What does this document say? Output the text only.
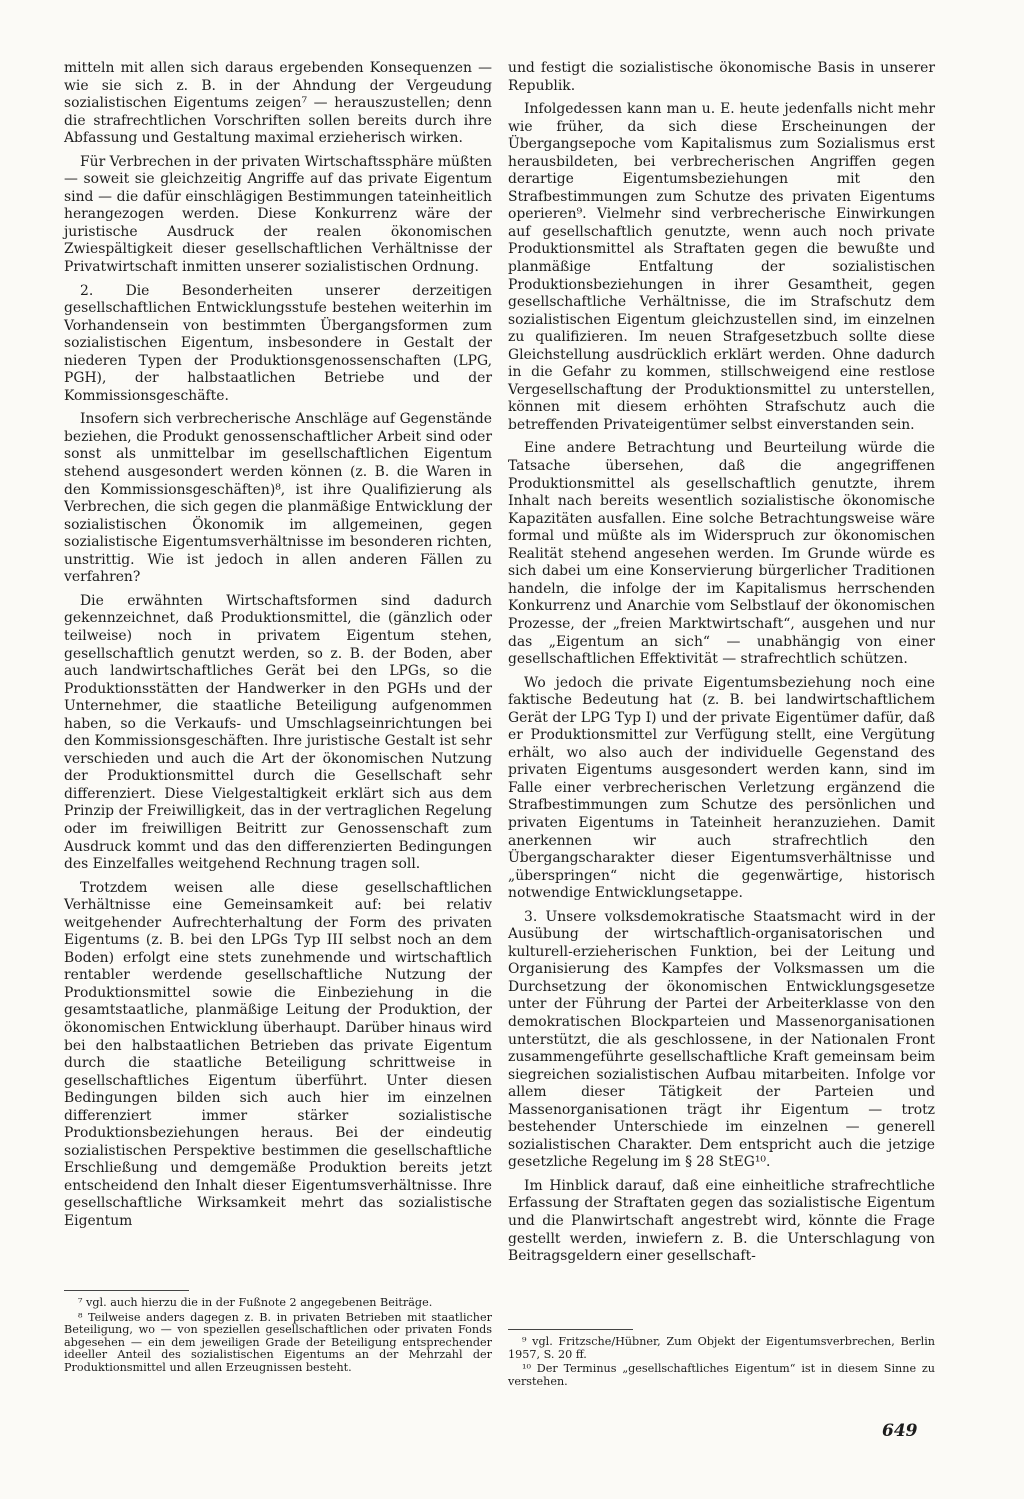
mitteln mit allen sich daraus ergebenden Konsequenzen — wie sie sich z. B. in der Ahndung der Vergeudung sozialistischen Eigentums zeigen⁷ — herauszustellen; denn die strafrechtlichen Vorschriften sollen bereits durch ihre Abfassung und Gestaltung maximal erzieherisch wirken.

Für Verbrechen in der privaten Wirtschaftssphäre müßten — soweit sie gleichzeitig Angriffe auf das private Eigentum sind — die dafür einschlägigen Bestimmungen tateinheitlich herangezogen werden. Diese Konkurrenz wäre der juristische Ausdruck der realen ökonomischen Zwiespältigkeit dieser gesellschaftlichen Verhältnisse der Privatwirtschaft inmitten unserer sozialistischen Ordnung.

2. Die Besonderheiten unserer derzeitigen gesellschaftlichen Entwicklungsstufe bestehen weiterhin im Vorhandensein von bestimmten Übergangsformen zum sozialistischen Eigentum, insbesondere in Gestalt der niederen Typen der Produktionsgenossenschaften (LPG, PGH), der halbstaatlichen Betriebe und der Kommissionsgeschäfte.

Insofern sich verbrecherische Anschläge auf Gegenstände beziehen, die Produkt genossenschaftlicher Arbeit sind oder sonst als unmittelbar im gesellschaftlichen Eigentum stehend ausgesondert werden können (z. B. die Waren in den Kommissionsgeschäften)⁸, ist ihre Qualifizierung als Verbrechen, die sich gegen die planmäßige Entwicklung der sozialistischen Ökonomik im allgemeinen, gegen sozialistische Eigentumsverhältnisse im besonderen richten, unstrittig. Wie ist jedoch in allen anderen Fällen zu verfahren?

Die erwähnten Wirtschaftsformen sind dadurch gekennzeichnet, daß Produktionsmittel, die (gänzlich oder teilweise) noch in privatem Eigentum stehen, gesellschaftlich genutzt werden, so z. B. der Boden, aber auch landwirtschaftliches Gerät bei den LPGs, so die Produktionsstätten der Handwerker in den PGHs und der Unternehmer, die staatliche Beteiligung aufgenommen haben, so die Verkaufs- und Umschlagseinrichtungen bei den Kommissionsgeschäften. Ihre juristische Gestalt ist sehr verschieden und auch die Art der ökonomischen Nutzung der Produktionsmittel durch die Gesellschaft sehr differenziert. Diese Vielgestaltigkeit erklärt sich aus dem Prinzip der Freiwilligkeit, das in der vertraglichen Regelung oder im freiwilligen Beitritt zur Genossenschaft zum Ausdruck kommt und das den differenzierten Bedingungen des Einzelfalles weitgehend Rechnung tragen soll.

Trotzdem weisen alle diese gesellschaftlichen Verhältnisse eine Gemeinsamkeit auf: bei relativ weitgehender Aufrechterhaltung der Form des privaten Eigentums (z. B. bei den LPGs Typ III selbst noch an dem Boden) erfolgt eine stets zunehmende und wirtschaftlich rentabler werdende gesellschaftliche Nutzung der Produktionsmittel sowie die Einbeziehung in die gesamtstaatliche, planmäßige Leitung der Produktion, der ökonomischen Entwicklung überhaupt. Darüber hinaus wird bei den halbstaatlichen Betrieben das private Eigentum durch die staatliche Beteiligung schrittweise in gesellschaftliches Eigentum überführt. Unter diesen Bedingungen bilden sich auch hier im einzelnen differenziert immer stärker sozialistische Produktionsbeziehungen heraus. Bei der eindeutig sozialistischen Perspektive bestimmen die gesellschaftliche Erschließung und demgemäße Produktion bereits jetzt entscheidend den Inhalt dieser Eigentumsverhältnisse. Ihre gesellschaftliche Wirksamkeit mehrt das sozialistische Eigentum

und festigt die sozialistische ökonomische Basis in unserer Republik.

Infolgedessen kann man u. E. heute jedenfalls nicht mehr wie früher, da sich diese Erscheinungen der Übergangsepoche vom Kapitalismus zum Sozialismus erst herausbildeten, bei verbrecherischen Angriffen gegen derartige Eigentumsbeziehungen mit den Strafbestimmungen zum Schutze des privaten Eigentums operieren⁹. Vielmehr sind verbrecherische Einwirkungen auf gesellschaftlich genutzte, wenn auch noch private Produktionsmittel als Straftaten gegen die bewußte und planmäßige Entfaltung der sozialistischen Produktionsbeziehungen in ihrer Gesamtheit, gegen gesellschaftliche Verhältnisse, die im Strafschutz dem sozialistischen Eigentum gleichzustellen sind, im einzelnen zu qualifizieren. Im neuen Strafgesetzbuch sollte diese Gleichstellung ausdrücklich erklärt werden. Ohne dadurch in die Gefahr zu kommen, stillschweigend eine restlose Vergesellschaftung der Produktionsmittel zu unterstellen, können mit diesem erhöhten Strafschutz auch die betreffenden Privateigentümer selbst einverstanden sein.

Eine andere Betrachtung und Beurteilung würde die Tatsache übersehen, daß die angegriffenen Produktionsmittel als gesellschaftlich genutzte, ihrem Inhalt nach bereits wesentlich sozialistische ökonomische Kapazitäten ausfallen. Eine solche Betrachtungsweise wäre formal und müßte als im Widerspruch zur ökonomischen Realität stehend angesehen werden. Im Grunde würde es sich dabei um eine Konservierung bürgerlicher Traditionen handeln, die infolge der im Kapitalismus herrschenden Konkurrenz und Anarchie vom Selbstlauf der ökonomischen Prozesse, der „freien Marktwirtschaft“, ausgehen und nur das „Eigentum an sich“ — unabhängig von einer gesellschaftlichen Effektivität — strafrechtlich schützen.

Wo jedoch die private Eigentumsbeziehung noch eine faktische Bedeutung hat (z. B. bei landwirtschaftlichem Gerät der LPG Typ I) und der private Eigentümer dafür, daß er Produktionsmittel zur Verfügung stellt, eine Vergütung erhält, wo also auch der individuelle Gegenstand des privaten Eigentums ausgesondert werden kann, sind im Falle einer verbrecherischen Verletzung ergänzend die Strafbestimmungen zum Schutze des persönlichen und privaten Eigentums in Tateinheit heranzuziehen. Damit anerkennen wir auch strafrechtlich den Übergangscharakter dieser Eigentumsverhältnisse und „überspringen“ nicht die gegenwärtige, historisch notwendige Entwicklungsetappe.

3. Unsere volksdemokratische Staatsmacht wird in der Ausübung der wirtschaftlich-organisatorischen und kulturell-erzieherischen Funktion, bei der Leitung und Organisierung des Kampfes der Volksmassen um die Durchsetzung der ökonomischen Entwicklungsgesetze unter der Führung der Partei der Arbeiterklasse von den demokratischen Blockparteien und Massenorganisationen unterstützt, die als geschlossene, in der Nationalen Front zusammengeführte gesellschaftliche Kraft gemeinsam beim siegreichen sozialistischen Aufbau mitarbeiten. Infolge vor allem dieser Tätigkeit der Parteien und Massenorganisationen trägt ihr Eigentum — trotz bestehender Unterschiede im einzelnen — generell sozialistischen Charakter. Dem entspricht auch die jetzige gesetzliche Regelung im § 28 StEG¹⁰.

Im Hinblick darauf, daß eine einheitliche strafrechtliche Erfassung der Straftaten gegen das sozialistische Eigentum und die Planwirtschaft angestrebt wird, könnte die Frage gestellt werden, inwiefern z. B. die Unterschlagung von Beitragsgeldern einer gesellschaft-

⁷ vgl. auch hierzu die in der Fußnote 2 angegebenen Beiträge.

⁸ Teilweise anders dagegen z. B. in privaten Betrieben mit staatlicher Beteiligung, wo — von speziellen gesellschaftlichen oder privaten Fonds abgesehen — ein dem jeweiligen Grade der Beteiligung entsprechender ideeller Anteil des sozialistischen Eigentums an der Mehrzahl der Produktionsmittel und allen Erzeugnissen besteht.

⁹ vgl. Fritzsche/Hübner, Zum Objekt der Eigentumsverbrechen, Berlin 1957, S. 20 ff.

¹⁰ Der Terminus „gesellschaftliches Eigentum“ ist in diesem Sinne zu verstehen.

649
